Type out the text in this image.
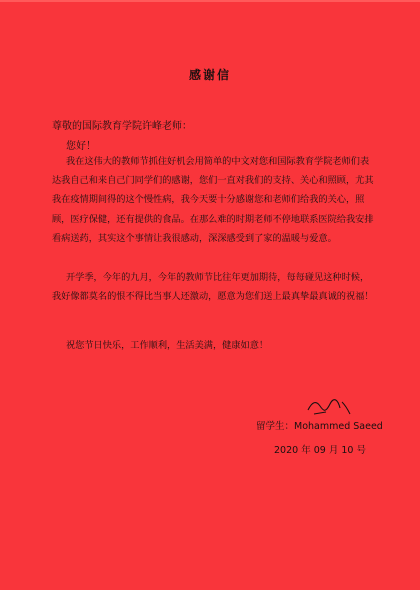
感谢信
尊敬的国际教育学院许峰老师：
您好！

我在这伟大的教师节抓住好机会用简单的中文对您和国际教育学院老师们表达我自己和来自己门同学们的感谢，您们一直对我们的支持、关心和照顾，尤其我在疫情期间得的这个慢性病，我今天要十分感谢您和老师们给我的关心，照顾，医疗保健，还有提供的食品。在那么难的时期老师不停地联系医院给我安排看病送药，其实这个事情让我很感动，深深感受到了家的温暖与爱意。

开学季，今年的九月，今年的教师节比往年更加期待，每每碰见这种时候，我好像都莫名的恨不得比当事人还激动，愿意为您们送上最真挚最真诚的祝福！

祝您节日快乐，工作顺利，生活美满，健康如意！

留学生：Mohammed Saeed
2020 年 09 月 10 号
